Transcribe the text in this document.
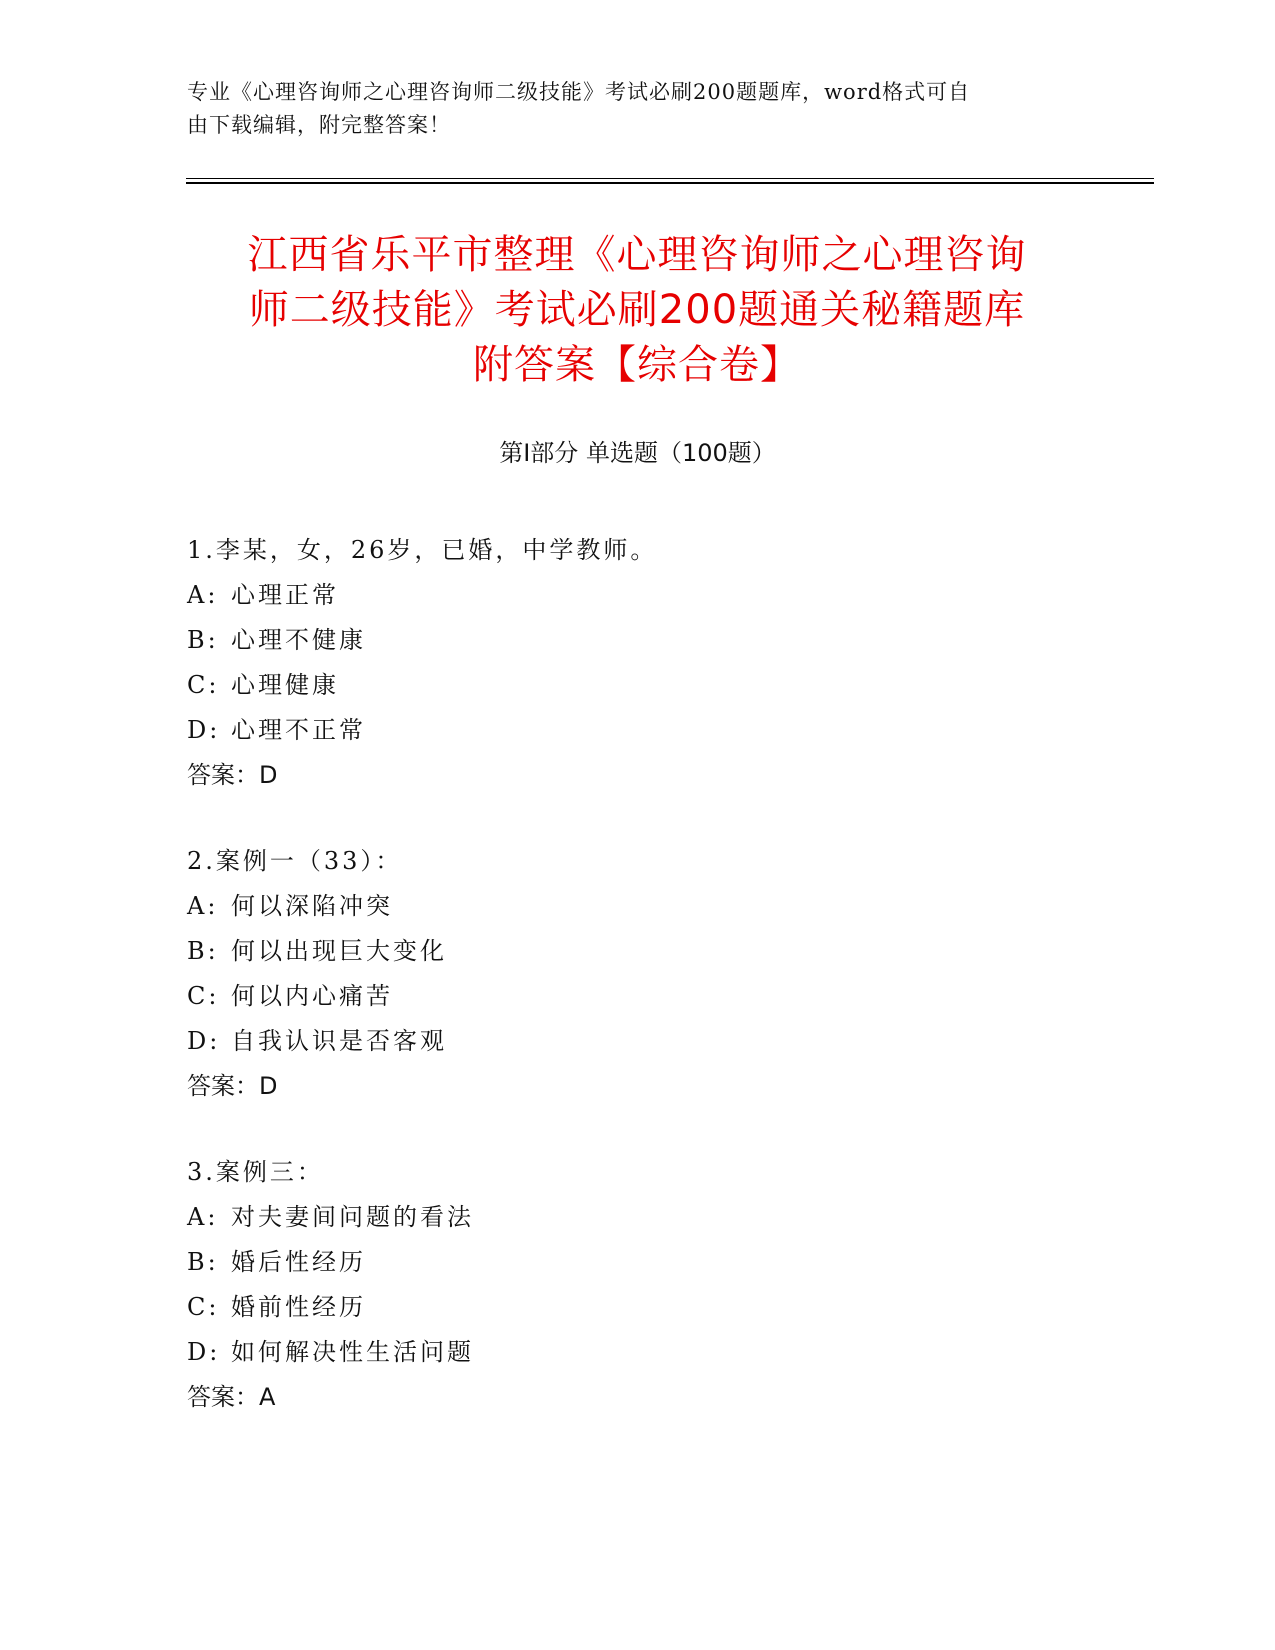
专业《心理咨询师之心理咨询师二级技能》考试必刷200题题库，word格式可自
由下载编辑，附完整答案！
江西省乐平市整理《心理咨询师之心理咨询
师二级技能》考试必刷200题通关秘籍题库
附答案【综合卷】
第I部分 单选题（100题）
1.李某，女，26岁，已婚，中学教师。
A: 心理正常
B: 心理不健康
C: 心理健康
D: 心理不正常
答案：D
2.案例一（33）：
A: 何以深陷冲突
B: 何以出现巨大变化
C: 何以内心痛苦
D: 自我认识是否客观
答案：D
3.案例三：
A: 对夫妻间问题的看法
B: 婚后性经历
C: 婚前性经历
D: 如何解决性生活问题
答案：A
